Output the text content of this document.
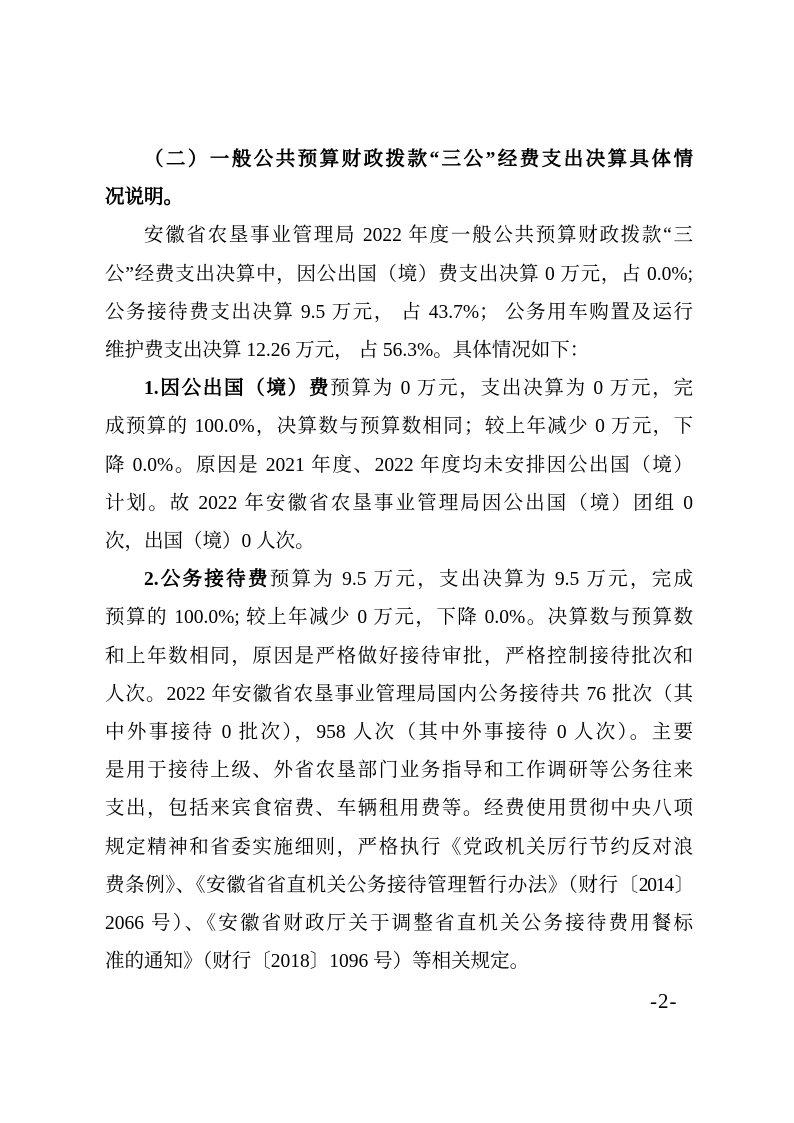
（二）一般公共预算财政拨款“三公”经费支出决算具体情
况说明。
安徽省农垦事业管理局 2022 年度一般公共预算财政拨款“三
公”经费支出决算中，因公出国（境）费支出决算 0 万元，占 0.0%;
公务接待费支出决算 9.5 万元， 占 43.7%； 公务用车购置及运行
维护费支出决算 12.26 万元， 占 56.3%。具体情况如下：
1.因公出国（境）费预算为 0 万元，支出决算为 0 万元，完
成预算的 100.0%，决算数与预算数相同；较上年减少 0 万元，下
降 0.0%。原因是 2021 年度、2022 年度均未安排因公出国（境）
计划。故 2022 年安徽省农垦事业管理局因公出国（境）团组 0
次，出国（境）0 人次。
2.公务接待费预算为 9.5 万元，支出决算为 9.5 万元，完成
预算的 100.0%; 较上年减少 0 万元，下降 0.0%。决算数与预算数
和上年数相同，原因是严格做好接待审批，严格控制接待批次和
人次。2022 年安徽省农垦事业管理局国内公务接待共 76 批次（其
中外事接待 0 批次），958 人次（其中外事接待 0 人次）。主要
是用于接待上级、外省农垦部门业务指导和工作调研等公务往来
支出，包括来宾食宿费、车辆租用费等。经费使用贯彻中央八项
规定精神和省委实施细则，严格执行《党政机关厉行节约反对浪
费条例》、《安徽省省直机关公务接待管理暂行办法》（财行〔2014〕
2066 号）、《安徽省财政厅关于调整省直机关公务接待费用餐标
准的通知》（财行〔2018〕1096 号）等相关规定。
-2-
